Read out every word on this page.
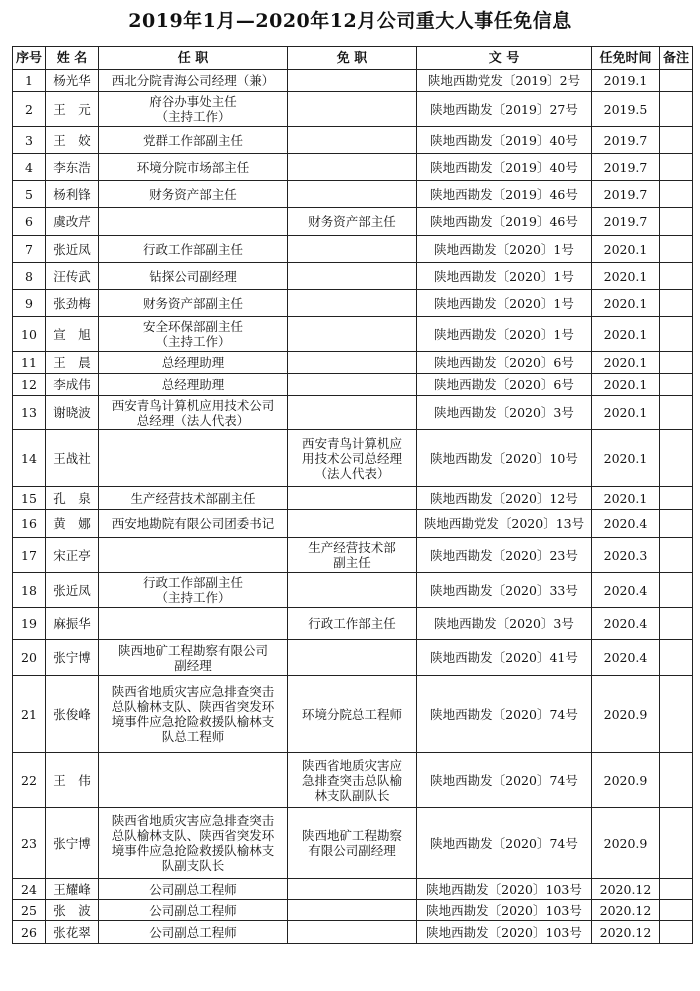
2019年1月—2020年12月公司重大人事任免信息
序号	姓 名	任 职	免 职	文 号	任免时间	备注
1	杨光华	西北分院青海公司经理（兼）		陕地西勘党发〔2019〕2号	2019.1	
2	王　元	府谷办事处主任
（主持工作）		陕地西勘发〔2019〕27号	2019.5	
3	王　姣	党群工作部副主任		陕地西勘发〔2019〕40号	2019.7	
4	李东浩	环境分院市场部主任		陕地西勘发〔2019〕40号	2019.7	
5	杨利锋	财务资产部主任		陕地西勘发〔2019〕46号	2019.7	
6	虞改芹		财务资产部主任	陕地西勘发〔2019〕46号	2019.7	
7	张近凤	行政工作部副主任		陕地西勘发〔2020〕1号	2020.1	
8	汪传武	钻探公司副经理		陕地西勘发〔2020〕1号	2020.1	
9	张劲梅	财务资产部副主任		陕地西勘发〔2020〕1号	2020.1	
10	宣　旭	安全环保部副主任
（主持工作）		陕地西勘发〔2020〕1号	2020.1	
11	王　晨	总经理助理		陕地西勘发〔2020〕6号	2020.1	
12	李成伟	总经理助理		陕地西勘发〔2020〕6号	2020.1	
13	谢晓波	西安青鸟计算机应用技术公司
总经理（法人代表）		陕地西勘发〔2020〕3号	2020.1	
14	王战社		西安青鸟计算机应
用技术公司总经理
（法人代表）	陕地西勘发〔2020〕10号	2020.1	
15	孔　泉	生产经营技术部副主任		陕地西勘发〔2020〕12号	2020.1	
16	黄　娜	西安地勘院有限公司团委书记		陕地西勘党发〔2020〕13号	2020.4	
17	宋正亭		生产经营技术部
副主任	陕地西勘发〔2020〕23号	2020.3	
18	张近凤	行政工作部副主任
（主持工作）		陕地西勘发〔2020〕33号	2020.4	
19	麻振华		行政工作部主任	陕地西勘发〔2020〕3号	2020.4	
20	张宁博	陕西地矿工程勘察有限公司
副经理		陕地西勘发〔2020〕41号	2020.4	
21	张俊峰	陕西省地质灾害应急排查突击
总队榆林支队、陕西省突发环
境事件应急抢险救援队榆林支
队总工程师	环境分院总工程师	陕地西勘发〔2020〕74号	2020.9	
22	王　伟		陕西省地质灾害应
急排查突击总队榆
林支队副队长	陕地西勘发〔2020〕74号	2020.9	
23	张宁博	陕西省地质灾害应急排查突击
总队榆林支队、陕西省突发环
境事件应急抢险救援队榆林支
队副支队长	陕西地矿工程勘察
有限公司副经理	陕地西勘发〔2020〕74号	2020.9	
24	王耀峰	公司副总工程师		陕地西勘发〔2020〕103号	2020.12	
25	张　波	公司副总工程师		陕地西勘发〔2020〕103号	2020.12	
26	张花翠	公司副总工程师		陕地西勘发〔2020〕103号	2020.12	
